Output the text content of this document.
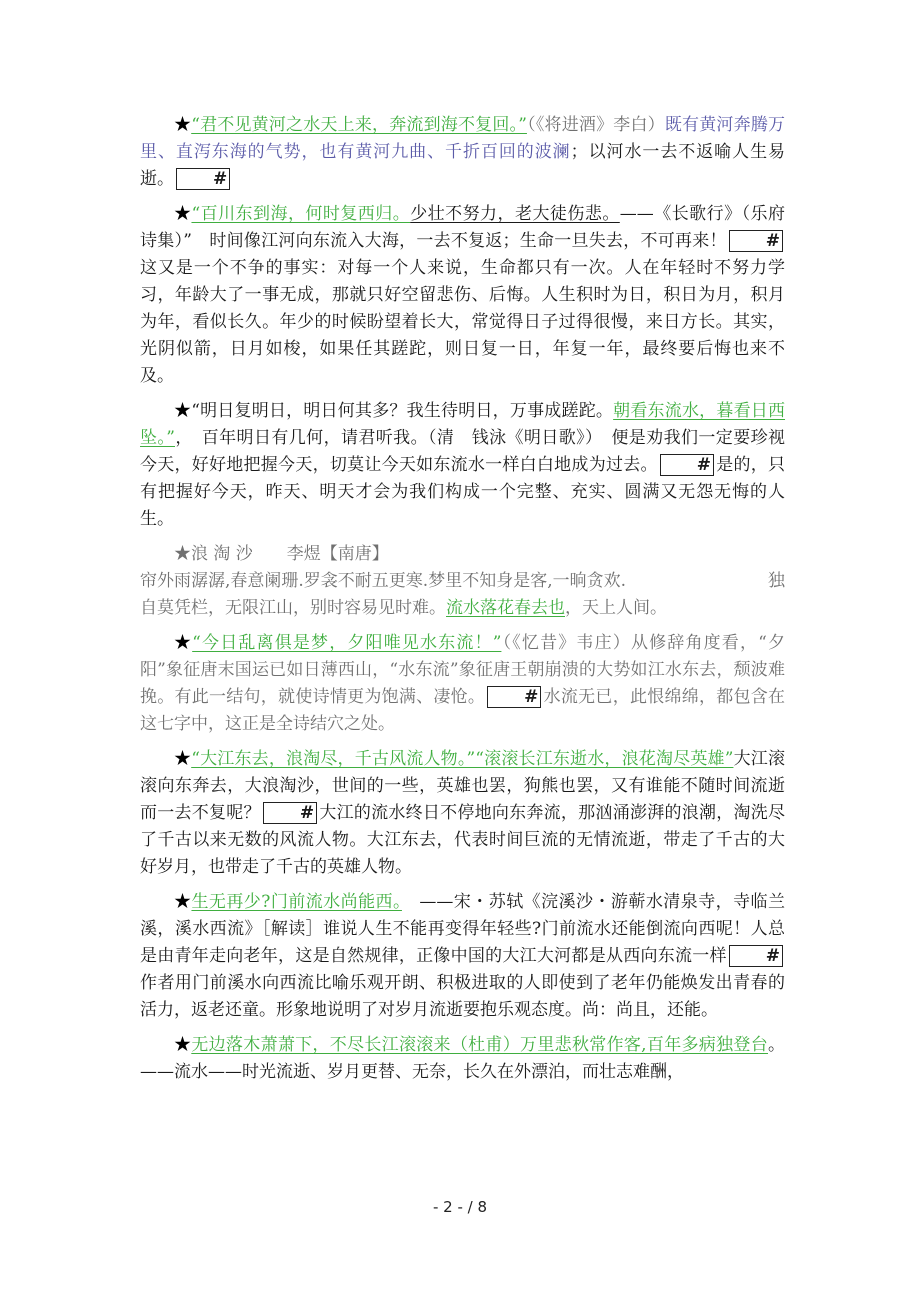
★“君不见黄河之水天上来，奔流到海不复回。”（《将进酒》李白）既有黄河奔腾万里、直泻东海的气势，也有黄河九曲、千折百回的波澜；以河水一去不返喻人生易逝。 #

★“百川东到海，何时复西归。少壮不努力，老大徒伤悲。——《长歌行》（乐府诗集）”　时间像江河向东流入大海，一去不复返；生命一旦失去，不可再来！ #这又是一个不争的事实：对每一个人来说，生命都只有一次。人在年轻时不努力学习，年龄大了一事无成，那就只好空留悲伤、后悔。人生积时为日，积日为月，积月为年，看似长久。年少的时候盼望着长大，常觉得日子过得很慢，来日方长。其实，光阴似箭，日月如梭，如果任其蹉跎，则日复一日，年复一年，最终要后悔也来不及。

★“明日复明日，明日何其多？我生待明日，万事成蹉跎。朝看东流水，暮看日西坠。”，　百年明日有几何，请君听我。（清　钱泳《明日歌》）　便是劝我们一定要珍视今天，好好地把握今天，切莫让今天如东流水一样白白地成为过去。 # 是的，只有把握好今天，昨天、明天才会为我们构成一个完整、充实、圆满又无怨无悔的人生。

★浪 淘 沙　　李煜【南唐】

帘外雨潺潺,春意阑珊.罗衾不耐五更寒.梦里不知身是客,一晌贪欢.	独

自莫凭栏，无限江山，别时容易见时难。流水落花春去也，天上人间。

★“今日乱离俱是梦，夕阳唯见水东流！”（《忆昔》韦庄）从修辞角度看，“夕阳”象征唐末国运已如日薄西山，“水东流”象征唐王朝崩溃的大势如江水东去，颓波难挽。有此一结句，就使诗情更为饱满、凄怆。 # 水流无已，此恨绵绵，都包含在这七字中，这正是全诗结穴之处。

★“大江东去，浪淘尽，千古风流人物。”“滚滚长江东逝水，浪花淘尽英雄”大江滚滚向东奔去，大浪淘沙，世间的一些，英雄也罢，狗熊也罢，又有谁能不随时间流逝而一去不复呢？ # 大江的流水终日不停地向东奔流，那汹涌澎湃的浪潮，淘洗尽了千古以来无数的风流人物。大江东去，代表时间巨流的无情流逝，带走了千古的大好岁月，也带走了千古的英雄人物。

★生无再少?门前流水尚能西。　——宋・苏轼《浣溪沙・游蕲水清泉寺，寺临兰溪，溪水西流》［解读］谁说人生不能再变得年轻些?门前流水还能倒流向西呢！人总是由青年走向老年，这是自然规律，正像中国的大江大河都是从西向东流一样 #作者用门前溪水向西流比喻乐观开朗、积极进取的人即使到了老年仍能焕发出青春的活力，返老还童。形象地说明了对岁月流逝要抱乐观态度。尚：尚且，还能。

★无边落木萧萧下，不尽长江滚滚来（杜甫）万里悲秋常作客,百年多病独登台。——流水——时光流逝、岁月更替、无奈，长久在外漂泊，而壮志难酬，

- 2 - / 8
